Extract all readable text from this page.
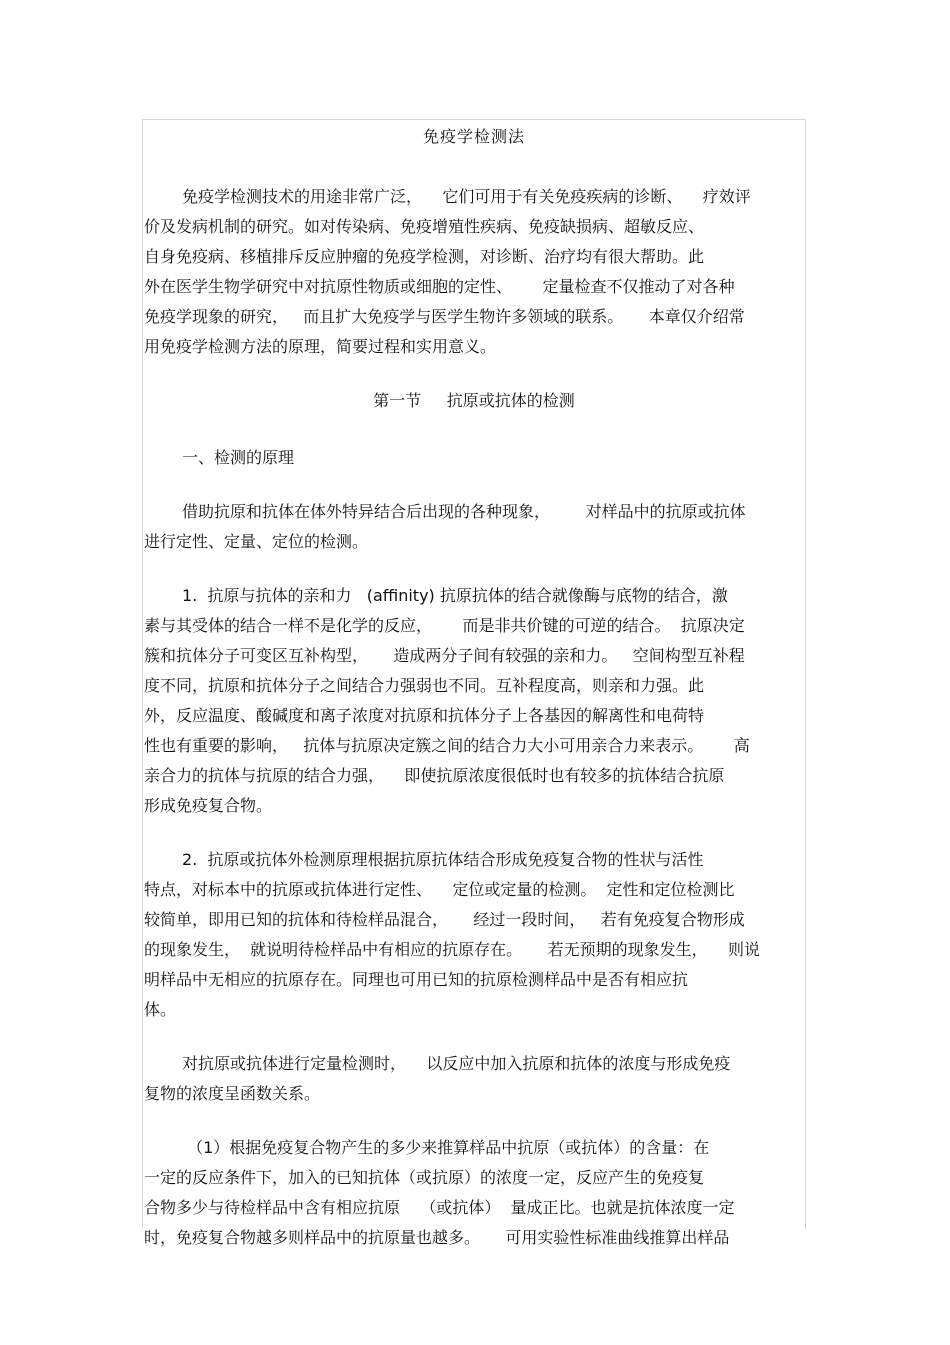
免疫学检测法
免疫学检测技术的用途非常广泛，    它们可用于有关免疫疾病的诊断、    疗效评
价及发病机制的研究。如对传染病、免疫增殖性疾病、免疫缺损病、超敏反应、
自身免疫病、移植排斥反应肿瘤的免疫学检测，对诊断、治疗均有很大帮助。此
外在医学生物学研究中对抗原性物质或细胞的定性、      定量检查不仅推动了对各种
免疫学现象的研究，   而且扩大免疫学与医学生物许多领域的联系。     本章仅介绍常
用免疫学检测方法的原理，简要过程和实用意义。
第一节     抗原或抗体的检测
一、检测的原理
借助抗原和抗体在体外特异结合后出现的各种现象，       对样品中的抗原或抗体
进行定性、定量、定位的检测。
1.  抗原与抗体的亲和力   (affinity) 抗原抗体的结合就像酶与底物的结合，激
素与其受体的结合一样不是化学的反应，      而是非共价键的可逆的结合。  抗原决定
簇和抗体分子可变区互补构型，     造成两分子间有较强的亲和力。   空间构型互补程
度不同，抗原和抗体分子之间结合力强弱也不同。互补程度高，则亲和力强。此
外，反应温度、酸碱度和离子浓度对抗原和抗体分子上各基因的解离性和电荷特
性也有重要的影响，   抗体与抗原决定簇之间的结合力大小可用亲合力来表示。      高
亲合力的抗体与抗原的结合力强，    即使抗原浓度很低时也有较多的抗体结合抗原
形成免疫复合物。
2.  抗原或抗体外检测原理根据抗原抗体结合形成免疫复合物的性状与活性
特点，对标本中的抗原或抗体进行定性、    定位或定量的检测。  定性和定位检测比
较简单，即用已知的抗体和待检样品混合，     经过一段时间，   若有免疫复合物形成
的现象发生，  就说明待检样品中有相应的抗原存在。     若无预期的现象发生，    则说
明样品中无相应的抗原存在。同理也可用已知的抗原检测样品中是否有相应抗
体。
对抗原或抗体进行定量检测时，    以反应中加入抗原和抗体的浓度与形成免疫
复物的浓度呈函数关系。
（1）根据免疫复合物产生的多少来推算样品中抗原（或抗体）的含量：在
一定的反应条件下，加入的已知抗体（或抗原）的浓度一定，反应产生的免疫复
合物多少与待检样品中含有相应抗原    （或抗体）  量成正比。也就是抗体浓度一定
时，免疫复合物越多则样品中的抗原量也越多。     可用实验性标准曲线推算出样品
